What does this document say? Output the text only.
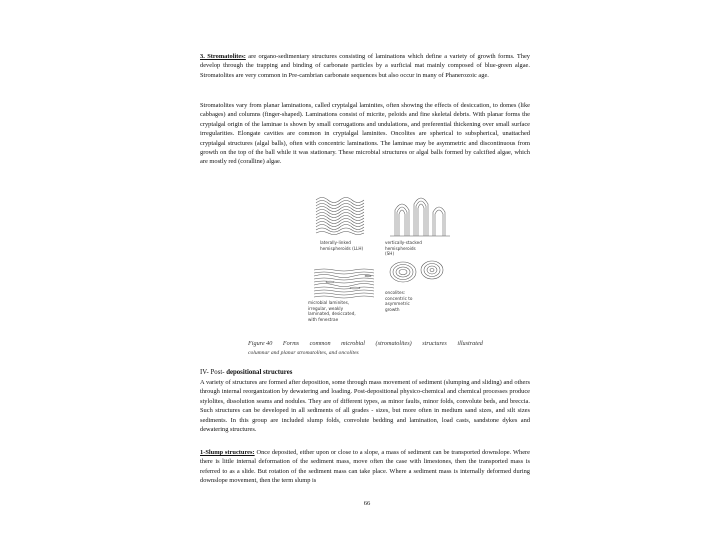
3. Stromatolites: are organo-sedimentary structures consisting of laminations which define a variety of growth forms. They develop through the trapping and binding of carbonate particles by a surficial mat mainly composed of blue-green algae. Stromatolites are very common in Pre-cambrian carbonate sequences but also occur in many of Phanerozoic age.

Stromatolites vary from planar laminations, called cryptalgal laminites, often showing the effects of desiccation, to domes (like cabbages) and columns (finger-shaped). Laminations consist of micrite, peloids and fine skeletal debris. With planar forms the cryptalgal origin of the laminae is shown by small corrugations and undulations, and preferential thickening over small surface irregularities. Elongate cavities are common in cryptalgal laminites. Oncolites are spherical to subspherical, unattached cryptalgal structures (algal balls), often with concentric laminations. The laminae may be asymmetric and discontinuous from growth on the top of the ball while it was stationary. These microbial structures or algal balls formed by calcified algae, which are mostly red (coralline) algae.

laterally-linked
hemispheroids (LLH)
vertically-stacked
hemispheroids
(SH)
microbial laminites,
irregular, weakly
laminated, desiccated,
with fenestrae
oncolites:
concentric to
asymmetric
growth
Figure 40 Forms common microbial (stromatolites) structures illustrated
columnar and planar stromatolites, and oncolites

IV- Post- depositional structures

A variety of structures are formed after deposition, some through mass movement of sediment (slumping and sliding) and others through internal reorganization by dewatering and loading. Post-depositional physico-chemical and chemical processes produce stylolites, dissolution seams and nodules. They are of different types, as minor faults, minor folds, convolute beds, and breccia. Such structures can be developed in all sediments of all grades - sizes, but more often in medium sand sizes, and silt sizes sediments. In this group are included slump folds, convolute bedding and lamination, load casts, sandstone dykes and dewatering structures.

1-Slump structures: Once deposited, either upon or close to a slope, a mass of sediment can be transported downslope. Where there is little internal deformation of the sediment mass, move often the case with limestones, then the transported mass is referred to as a slide. But rotation of the sediment mass can take place. Where a sediment mass is internally deformed during downslope movement, then the term slump is

66
